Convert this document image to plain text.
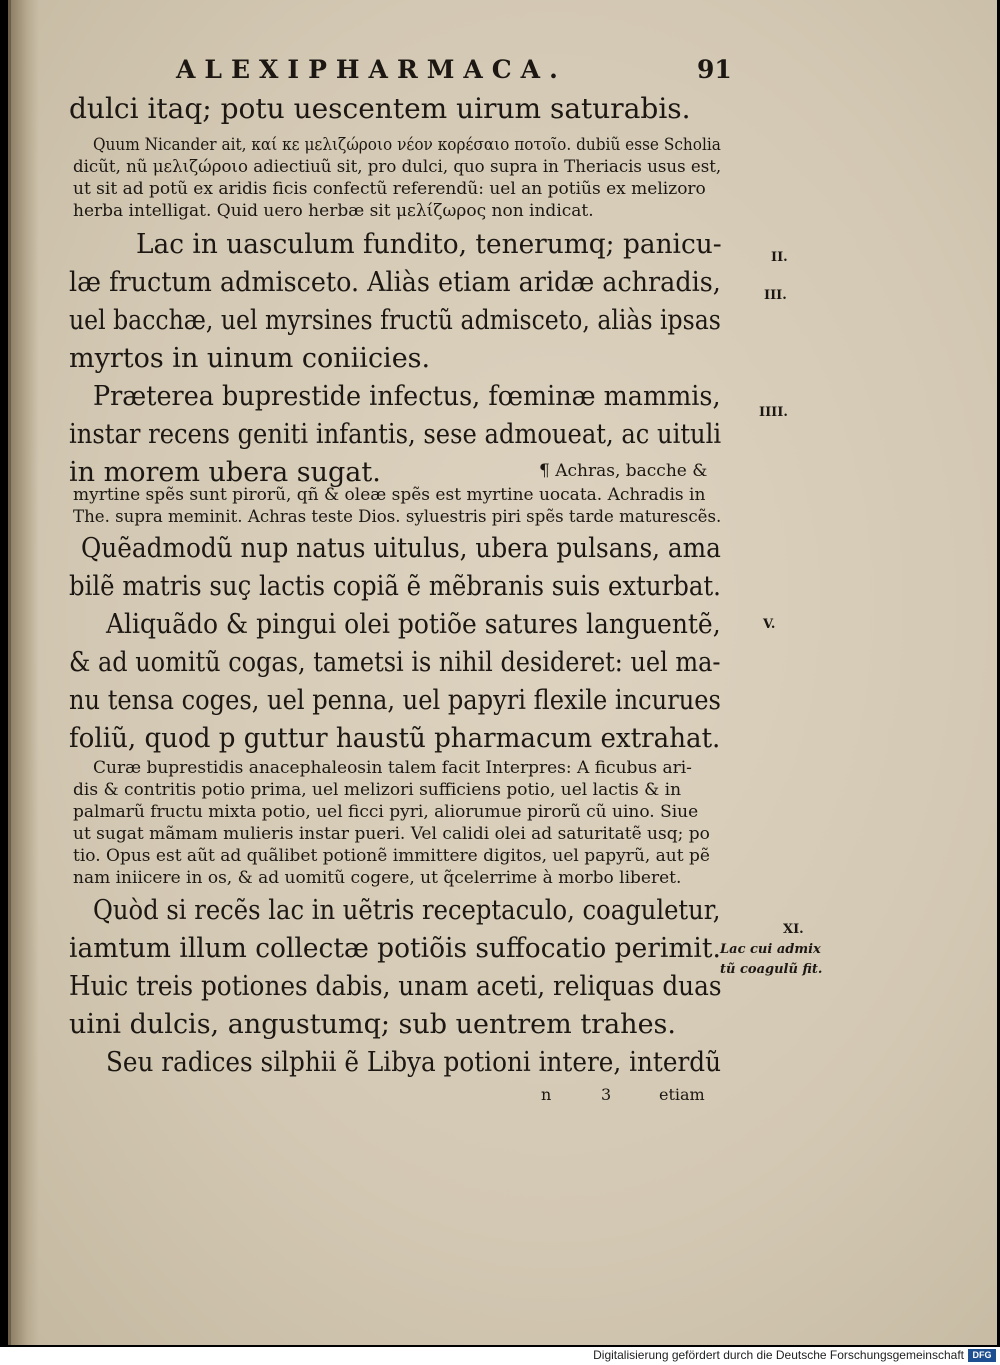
ALEXIPHARMACA.	91

dulci itaq; potu uescentem uirum saturabis.

Quum Nicander ait, καί κε μελιζώροιο νέον κορέσαιο ποτοῖο. dubiũ esse Scholia

dicũt, nũ μελιζώροιο adiectiuũ sit, pro dulci, quo supra in Theriacis usus est,

ut sit ad potũ ex aridis ficis confectũ referendũ: uel an potiũs ex melizoro

herba intelligat. Quid uero herbæ sit μελίζωρος non indicat.

Lac in uasculum fundito, tenerumq; panicu-

læ fructum admisceto. Aliàs etiam aridæ achradis,

uel bacchæ, uel myrsines fructũ admisceto, aliàs ipsas

myrtos in uinum coniicies.

Præterea buprestide infectus, fœminæ mammis,

instar recens geniti infantis, sese admoueat, ac uituli

in morem ubera sugat.	¶ Achras, bacche &

myrtine spẽs sunt pirorũ, qñ & oleæ spẽs est myrtine uocata. Achradis in

The. supra meminit. Achras teste Dios. syluestris piri spẽs tarde maturescẽs.

Quẽadmodũ nup natus uitulus, ubera pulsans, ama

bilẽ matris suç lactis copiã ẽ mẽbranis suis exturbat.

Aliquãdo & pingui olei potiõe satures languentẽ,

& ad uomitũ cogas, tametsi is nihil desideret: uel ma-

nu tensa coges, uel penna, uel papyri flexile incurues

foliũ, quod p guttur haustũ pharmacum extrahat.

Curæ buprestidis anacephaleosin talem facit Interpres: A ficubus ari-

dis & contritis potio prima, uel melizori sufficiens potio, uel lactis & in

palmarũ fructu mixta potio, uel ficci pyri, aliorumue pirorũ cũ uino. Siue

ut sugat mãmam mulieris instar pueri. Vel calidi olei ad saturitatẽ usq; po

tio. Opus est aũt ad quãlibet potionẽ immittere digitos, uel papyrũ, aut pẽ

nam iniicere in os, & ad uomitũ cogere, ut q̃celerrime à morbo liberet.

Quòd si recẽs lac in uẽtris receptaculo, coaguletur,

iamtum illum collectæ potiõis suffocatio perimit.

Huic treis potiones dabis, unam aceti, reliquas duas

uini dulcis, angustumq; sub uentrem trahes.

Seu radices silphii ẽ Libya potioni intere, interdũ

II.

III.

IIII.

V.

XI.

Lac cui admix

tũ coagulũ fit.

n	3	etiam

Digitalisierung gefördert durch die Deutsche Forschungsgemeinschaft DFG
